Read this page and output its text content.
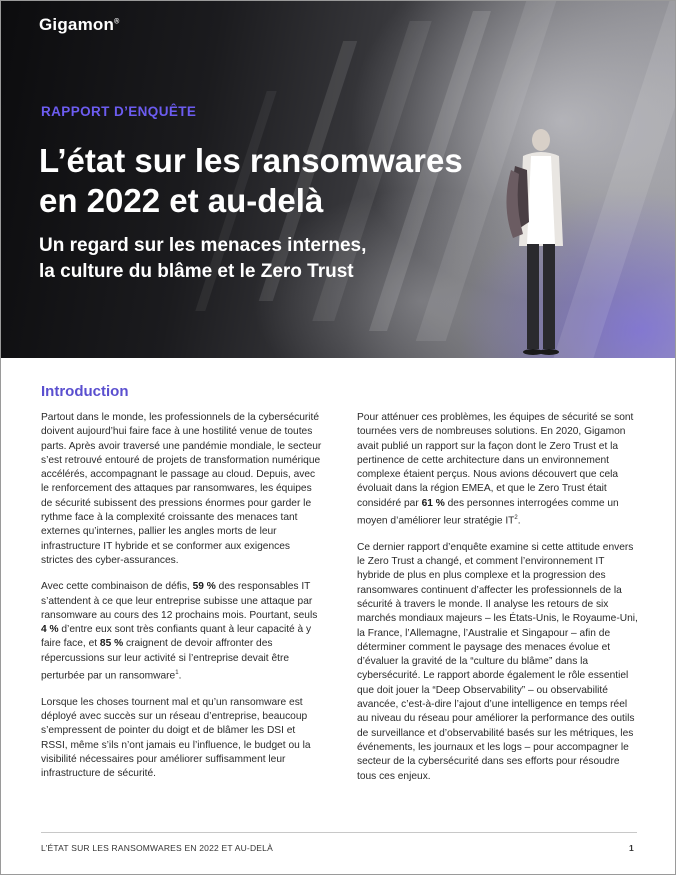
Gigamon®
RAPPORT D’ENQUÊTE
L’état sur les ransomwares
en 2022 et au-delà
Un regard sur les menaces internes,
la culture du blâme et le Zero Trust
Introduction

Partout dans le monde, les professionnels de la cybersécurité doivent aujourd’hui faire face à une hostilité venue de toutes parts. Après avoir traversé une pandémie mondiale, le secteur s’est retrouvé entouré de projets de transformation numérique accélérés, accompagnant le passage au cloud. Depuis, avec le renforcement des attaques par ransomwares, les équipes de sécurité subissent des pressions énormes pour garder le rythme face à la complexité croissante des menaces tant externes qu’internes, pallier les angles morts de leur infrastructure IT hybride et se conformer aux exigences strictes des cyber-assurances.

Avec cette combinaison de défis, 59 % des responsables IT s’attendent à ce que leur entreprise subisse une attaque par ransomware au cours des 12 prochains mois. Pourtant, seuls 4 % d’entre eux sont très confiants quant à leur capacité à y faire face, et 85 % craignent de devoir affronter des répercussions sur leur activité si l’entreprise devait être perturbée par un ransomware$^1$.

Lorsque les choses tournent mal et qu’un ransomware est déployé avec succès sur un réseau d’entreprise, beaucoup s’empressent de pointer du doigt et de blâmer les DSI et RSSI, même s’ils n’ont jamais eu l’influence, le budget ou la visibilité nécessaires pour améliorer suffisamment leur infrastructure de sécurité.

Pour atténuer ces problèmes, les équipes de sécurité se sont tournées vers de nombreuses solutions. En 2020, Gigamon avait publié un rapport sur la façon dont le Zero Trust et la pertinence de cette architecture dans un environnement complexe étaient perçus. Nous avions découvert que cela évoluait dans la région EMEA, et que le Zero Trust était considéré par 61 % des personnes interrogées comme un moyen d’améliorer leur stratégie $IT^2$.

Ce dernier rapport d’enquête examine si cette attitude envers le Zero Trust a changé, et comment l’environnement IT hybride de plus en plus complexe et la progression des ransomwares continuent d’affecter les professionnels de la sécurité à travers le monde. Il analyse les retours de six marchés mondiaux majeurs – les États-Unis, le Royaume-Uni, la France, l’Allemagne, l’Australie et Singapour – afin de déterminer comment le paysage des menaces évolue et d’évaluer la gravité de la “culture du blâme” dans la cybersécurité. Le rapport aborde également le rôle essentiel que doit jouer la “Deep Observability” – ou observabilité avancée, c’est-à-dire l’ajout d’une intelligence en temps réel au niveau du réseau pour améliorer la performance des outils de surveillance et d’observabilité basés sur les métriques, les événements, les journaux et les logs – pour accompagner le secteur de la cybersécurité dans ses efforts pour résoudre tous ces enjeux.

L’ÉTAT SUR LES RANSOMWARES EN 2022 ET AU-DELÀ	1
